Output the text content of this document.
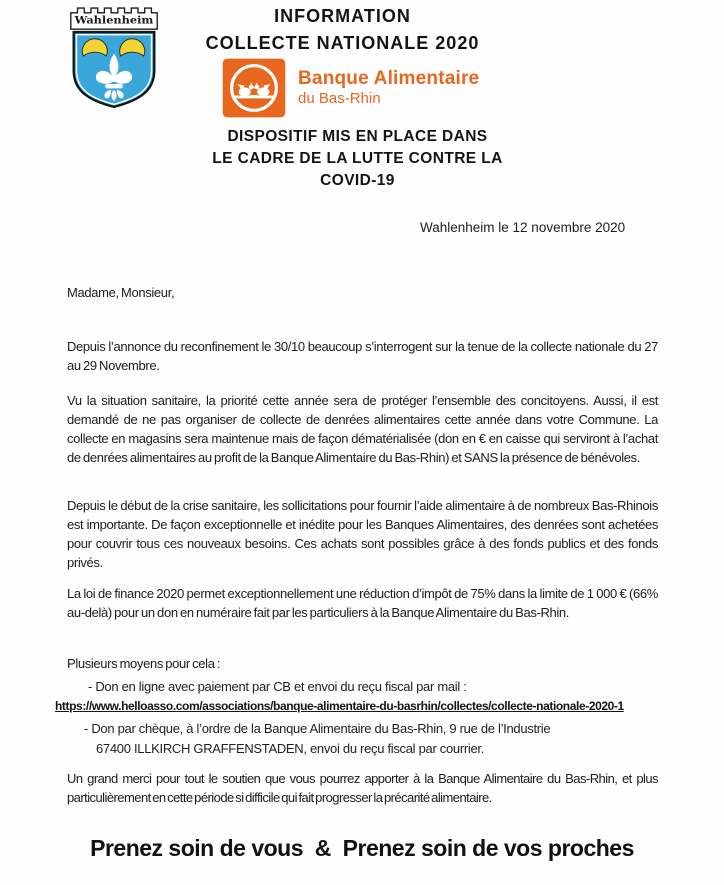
Wahlenheim	INFORMATION
COLLECTE NATIONALE 2020
Banque Alimentaire
du Bas-Rhin
DISPOSITIF MIS EN PLACE DANS
LE CADRE DE LA LUTTE CONTRE LA
COVID-19
Wahlenheim le 12 novembre 2020
Madame, Monsieur,
Depuis l’annonce du reconfinement le 30/10 beaucoup s’interrogent sur la tenue de la collecte nationale du 27 au 29 Novembre.
Vu la situation sanitaire, la priorité cette année sera de protéger l’ensemble des concitoyens. Aussi, il est demandé de ne pas organiser de collecte de denrées alimentaires cette année dans votre Commune. La collecte en magasins sera maintenue mais de façon dématérialisée (don en € en caisse qui serviront à l’achat de denrées alimentaires au profit de la Banque Alimentaire du Bas-Rhin) et SANS la présence de bénévoles.
Depuis le début de la crise sanitaire, les sollicitations pour fournir l’aide alimentaire à de nombreux Bas-Rhinois est importante. De façon exceptionnelle et inédite pour les Banques Alimentaires, des denrées sont achetées pour couvrir tous ces nouveaux besoins. Ces achats sont possibles grâce à des fonds publics et des fonds privés.
La loi de finance 2020 permet exceptionnellement une réduction d’impôt de 75% dans la limite de 1 000 € (66% au-delà) pour un don en numéraire fait par les particuliers à la Banque Alimentaire du Bas-Rhin.
Plusieurs moyens pour cela :
- Don en ligne avec paiement par CB et envoi du reçu fiscal par mail :
https://www.helloasso.com/associations/banque-alimentaire-du-basrhin/collectes/collecte-nationale-2020-1
- Don par chèque, à l’ordre de la Banque Alimentaire du Bas-Rhin, 9 rue de l’Industrie
67400 ILLKIRCH GRAFFENSTADEN, envoi du reçu fiscal par courrier.
Un grand merci pour tout le soutien que vous pourrez apporter à la Banque Alimentaire du Bas-Rhin, et plus particulièrement en cette période si difficile qui fait progresser la précarité alimentaire.
Prenez soin de vous  &  Prenez soin de vos proches
